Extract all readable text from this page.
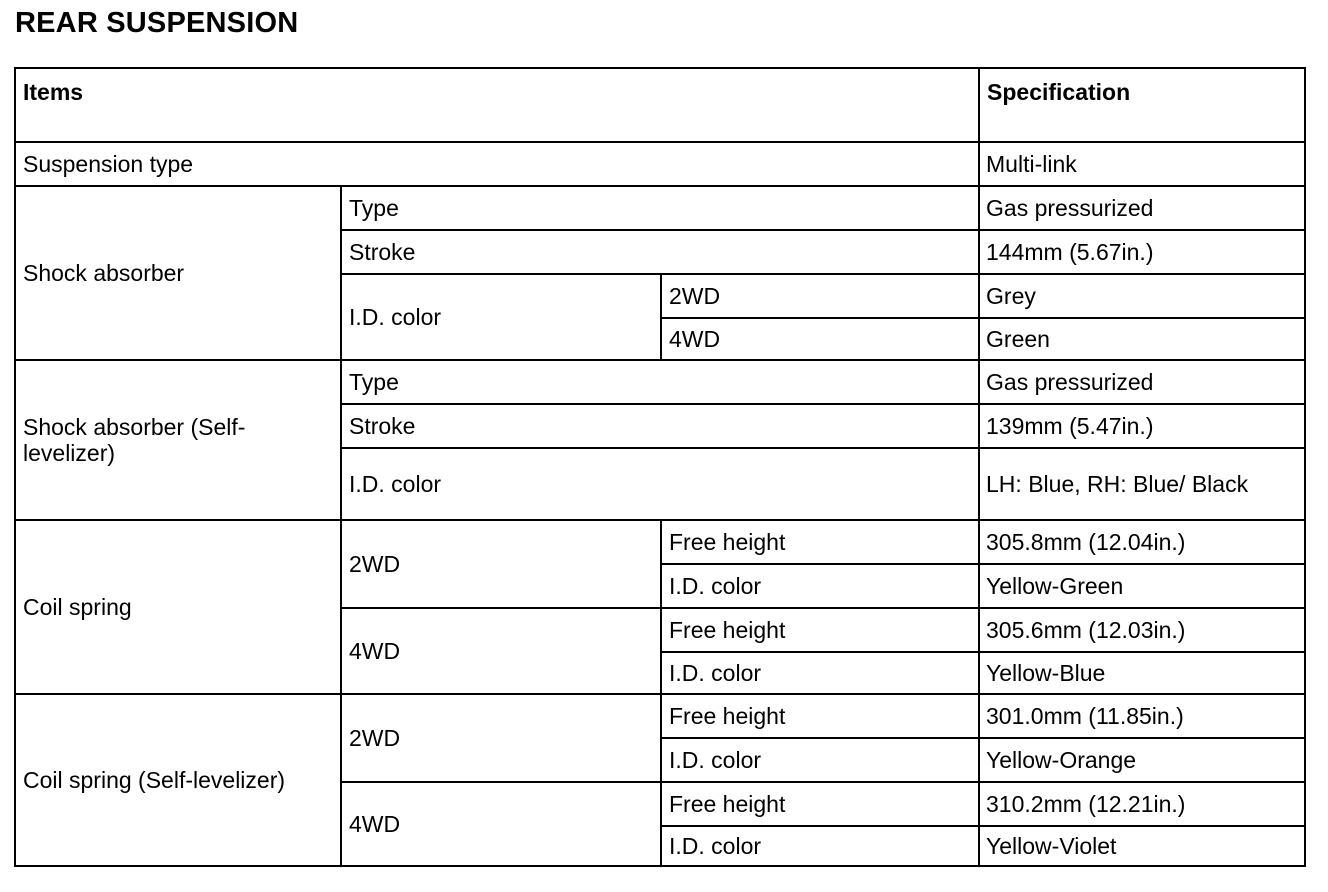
REAR SUSPENSION
Items			Specification
Suspension type			Multi-link
Shock absorber	Type		Gas pressurized
	Stroke		144mm (5.67in.)
	I.D. color	2WD	Grey
		4WD	Green
Shock absorber (Self-levelizer)	Type		Gas pressurized
	Stroke		139mm (5.47in.)
	I.D. color		LH: Blue, RH: Blue/ Black
Coil spring	2WD	Free height	305.8mm (12.04in.)
		I.D. color	Yellow-Green
	4WD	Free height	305.6mm (12.03in.)
		I.D. color	Yellow-Blue
Coil spring (Self-levelizer)	2WD	Free height	301.0mm (11.85in.)
		I.D. color	Yellow-Orange
	4WD	Free height	310.2mm (12.21in.)
		I.D. color	Yellow-Violet
